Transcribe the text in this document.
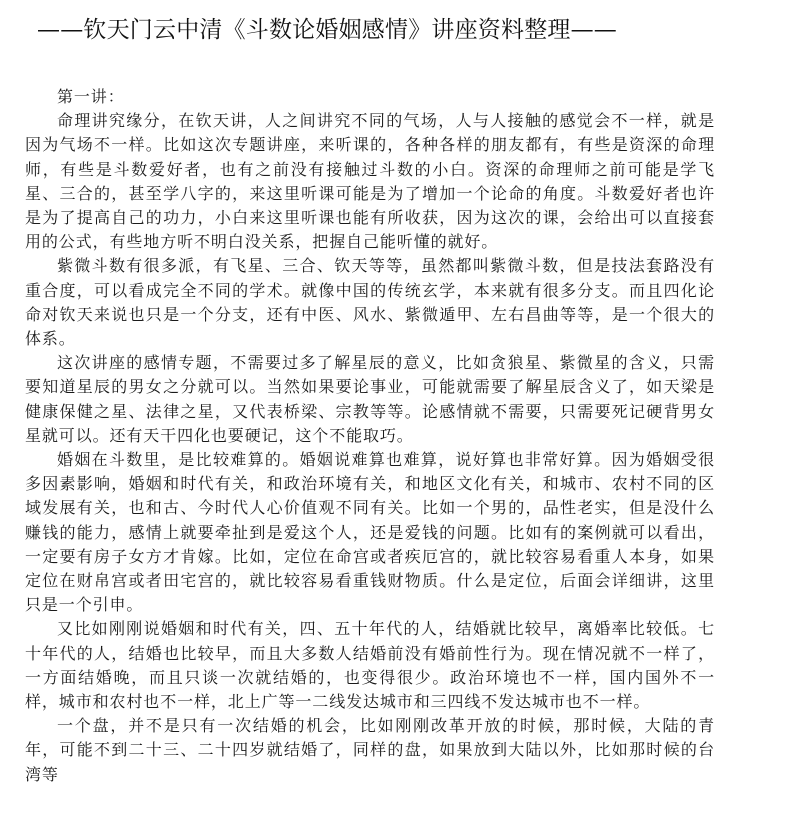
——钦天门云中清《斗数论婚姻感情》讲座资料整理——

第一讲：

命理讲究缘分，在钦天讲，人之间讲究不同的气场，人与人接触的感觉会不一样，就是因为气场不一样。比如这次专题讲座，来听课的，各种各样的朋友都有，有些是资深的命理师，有些是斗数爱好者，也有之前没有接触过斗数的小白。资深的命理师之前可能是学飞星、三合的，甚至学八字的，来这里听课可能是为了增加一个论命的角度。斗数爱好者也许是为了提高自己的功力，小白来这里听课也能有所收获，因为这次的课，会给出可以直接套用的公式，有些地方听不明白没关系，把握自己能听懂的就好。

紫微斗数有很多派，有飞星、三合、钦天等等，虽然都叫紫微斗数，但是技法套路没有重合度，可以看成完全不同的学术。就像中国的传统玄学，本来就有很多分支。而且四化论命对钦天来说也只是一个分支，还有中医、风水、紫微遁甲、左右昌曲等等，是一个很大的体系。

这次讲座的感情专题，不需要过多了解星辰的意义，比如贪狼星、紫微星的含义，只需要知道星辰的男女之分就可以。当然如果要论事业，可能就需要了解星辰含义了，如天梁是健康保健之星、法律之星，又代表桥梁、宗教等等。论感情就不需要，只需要死记硬背男女星就可以。还有天干四化也要硬记，这个不能取巧。

婚姻在斗数里，是比较难算的。婚姻说难算也难算，说好算也非常好算。因为婚姻受很多因素影响，婚姻和时代有关，和政治环境有关，和地区文化有关，和城市、农村不同的区域发展有关，也和古、今时代人心价值观不同有关。比如一个男的，品性老实，但是没什么赚钱的能力，感情上就要牵扯到是爱这个人，还是爱钱的问题。比如有的案例就可以看出，一定要有房子女方才肯嫁。比如，定位在命宫或者疾厄宫的，就比较容易看重人本身，如果定位在财帛宫或者田宅宫的，就比较容易看重钱财物质。什么是定位，后面会详细讲，这里只是一个引申。

又比如刚刚说婚姻和时代有关，四、五十年代的人，结婚就比较早，离婚率比较低。七十年代的人，结婚也比较早，而且大多数人结婚前没有婚前性行为。现在情况就不一样了，一方面结婚晚，而且只谈一次就结婚的，也变得很少。政治环境也不一样，国内国外不一样，城市和农村也不一样，北上广等一二线发达城市和三四线不发达城市也不一样。

一个盘，并不是只有一次结婚的机会，比如刚刚改革开放的时候，那时候，大陆的青年，可能不到二十三、二十四岁就结婚了，同样的盘，如果放到大陆以外，比如那时候的台湾等
